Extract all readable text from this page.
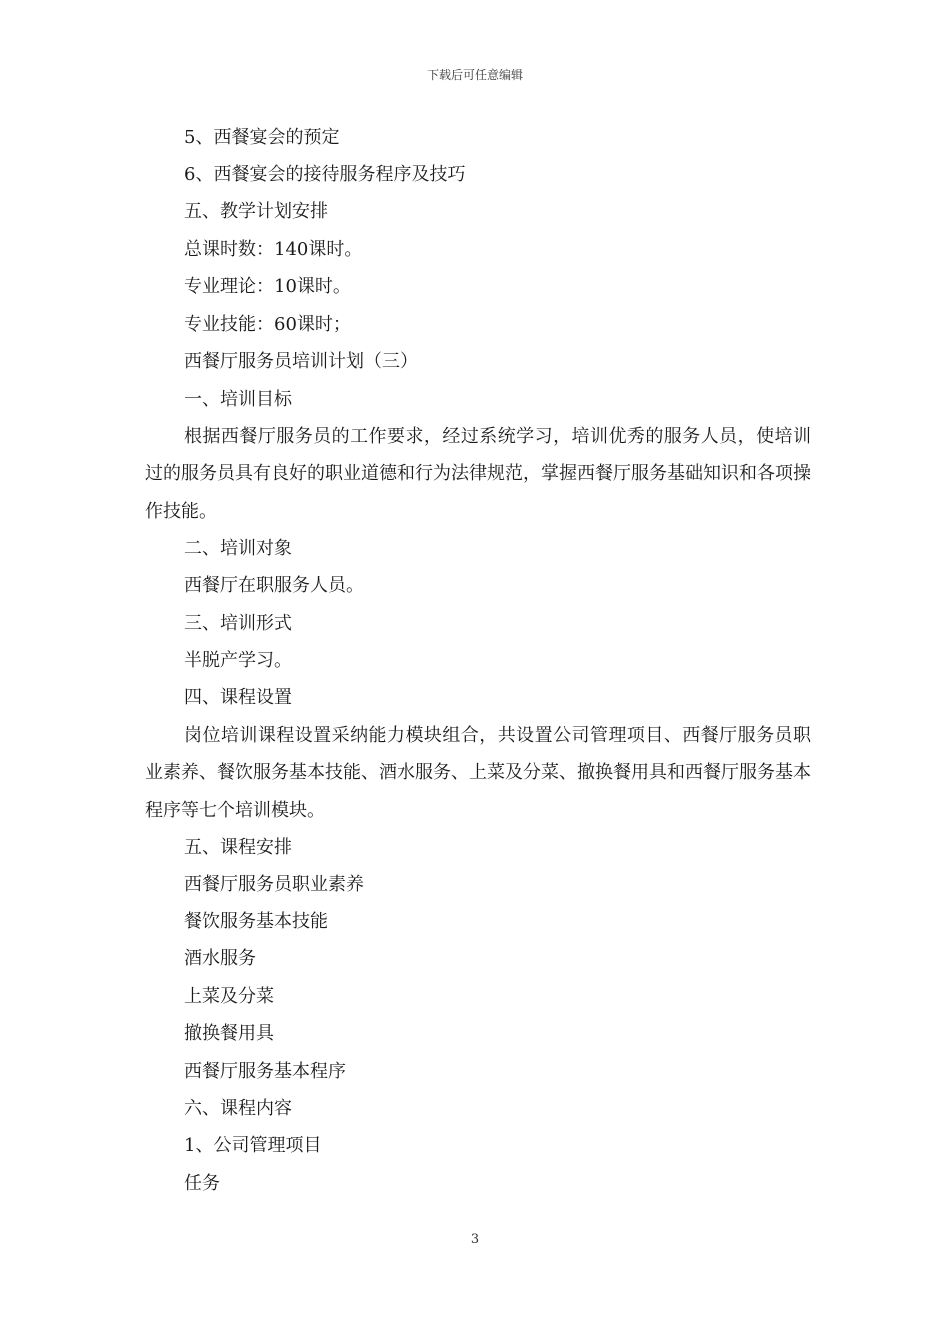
下载后可任意编辑
5、西餐宴会的预定
6、西餐宴会的接待服务程序及技巧
五、教学计划安排
总课时数：140课时。
专业理论：10课时。
专业技能：60课时；
西餐厅服务员培训计划（三）
一、培训目标
根据西餐厅服务员的工作要求，经过系统学习，培训优秀的服务人员，使培训过的服务员具有良好的职业道德和行为法律规范，掌握西餐厅服务基础知识和各项操作技能。
二、培训对象
西餐厅在职服务人员。
三、培训形式
半脱产学习。
四、课程设置
岗位培训课程设置采纳能力模块组合，共设置公司管理项目、西餐厅服务员职业素养、餐饮服务基本技能、酒水服务、上菜及分菜、撤换餐用具和西餐厅服务基本程序等七个培训模块。
五、课程安排
西餐厅服务员职业素养
餐饮服务基本技能
酒水服务
上菜及分菜
撤换餐用具
西餐厅服务基本程序
六、课程内容
1、公司管理项目
任务
3
